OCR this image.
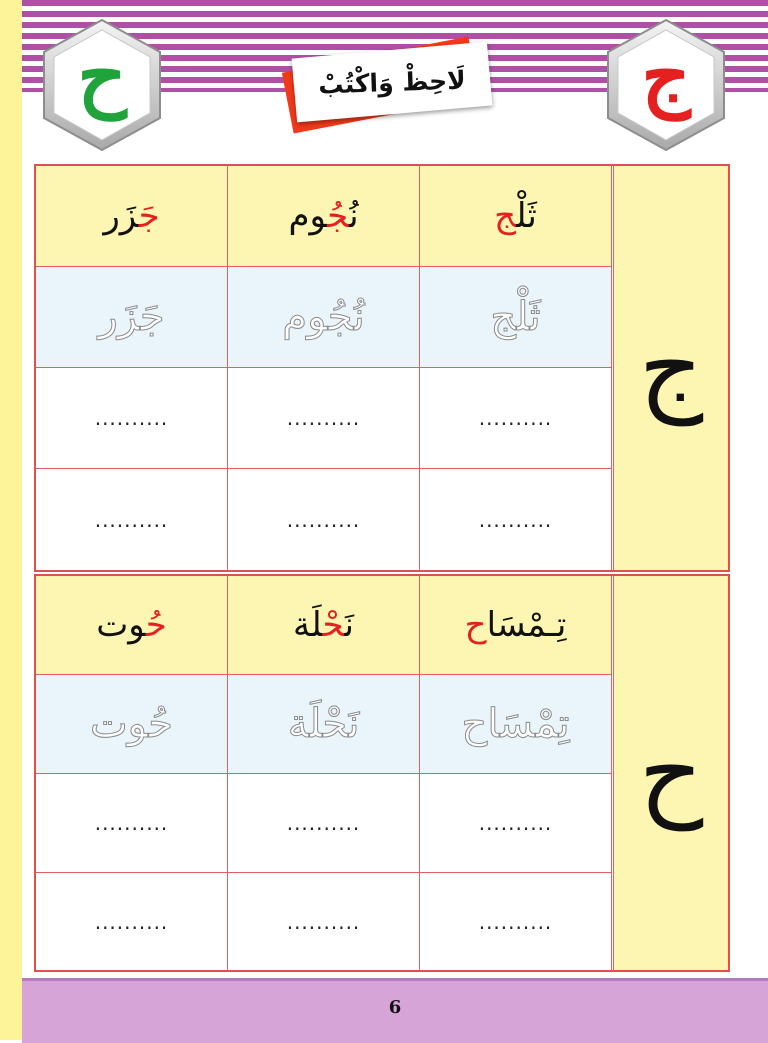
ح	ج
لَاحِظْ وَاكْتُبْ
جَزَر	نُجُوم	ثَلْج
جَزَر	نُجُوم	ثَلْج
..........	..........	..........
..........	..........	..........
ج
حُوت	نَحْلَة	تِـمْسَاح
حُوت	نَحْلَة	تِمْسَاح
..........	..........	..........
..........	..........	..........
ح
6
